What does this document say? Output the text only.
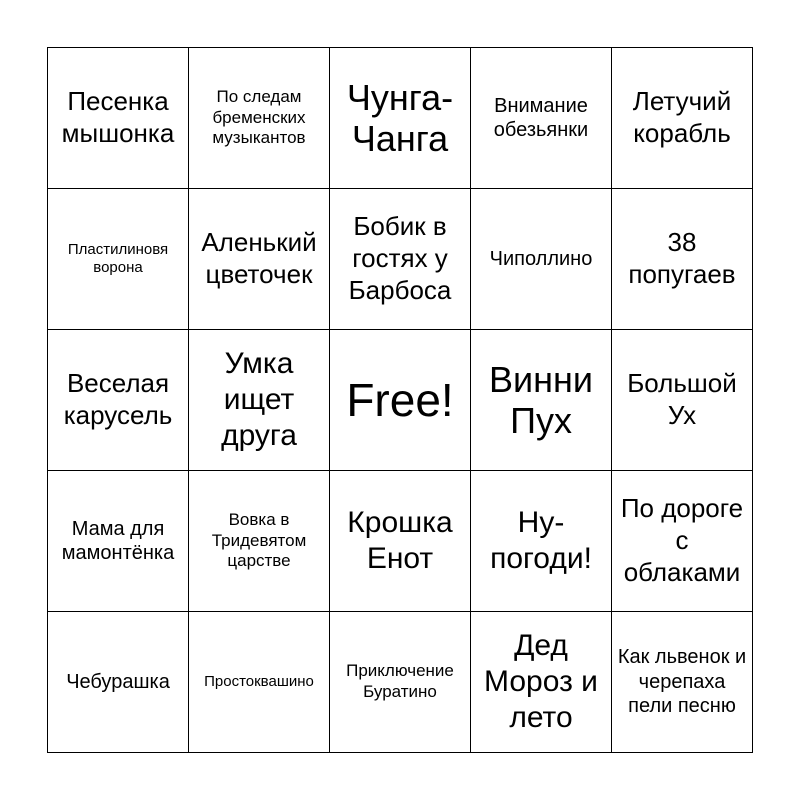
Песенка мышонка
По следам бременских музыкантов
Чунга-Чанга
Внимание обезьянки
Летучий корабль
Пластилиновя ворона
Аленький цветочек
Бобик в гостях у Барбоса
Чиполлино
38 попугаев
Веселая карусель
Умка ищет друга
Free! Винни Пух
Большой Ух
Мама для мамонтёнка
Вовка в Тридевятом царстве
Крошка Енот
Ну-погоди!
По дороге с облаками
Чебурашка Простоквашино
Приключение Буратино
Дед Мороз и лето
Как львенок и черепаха пели песню
